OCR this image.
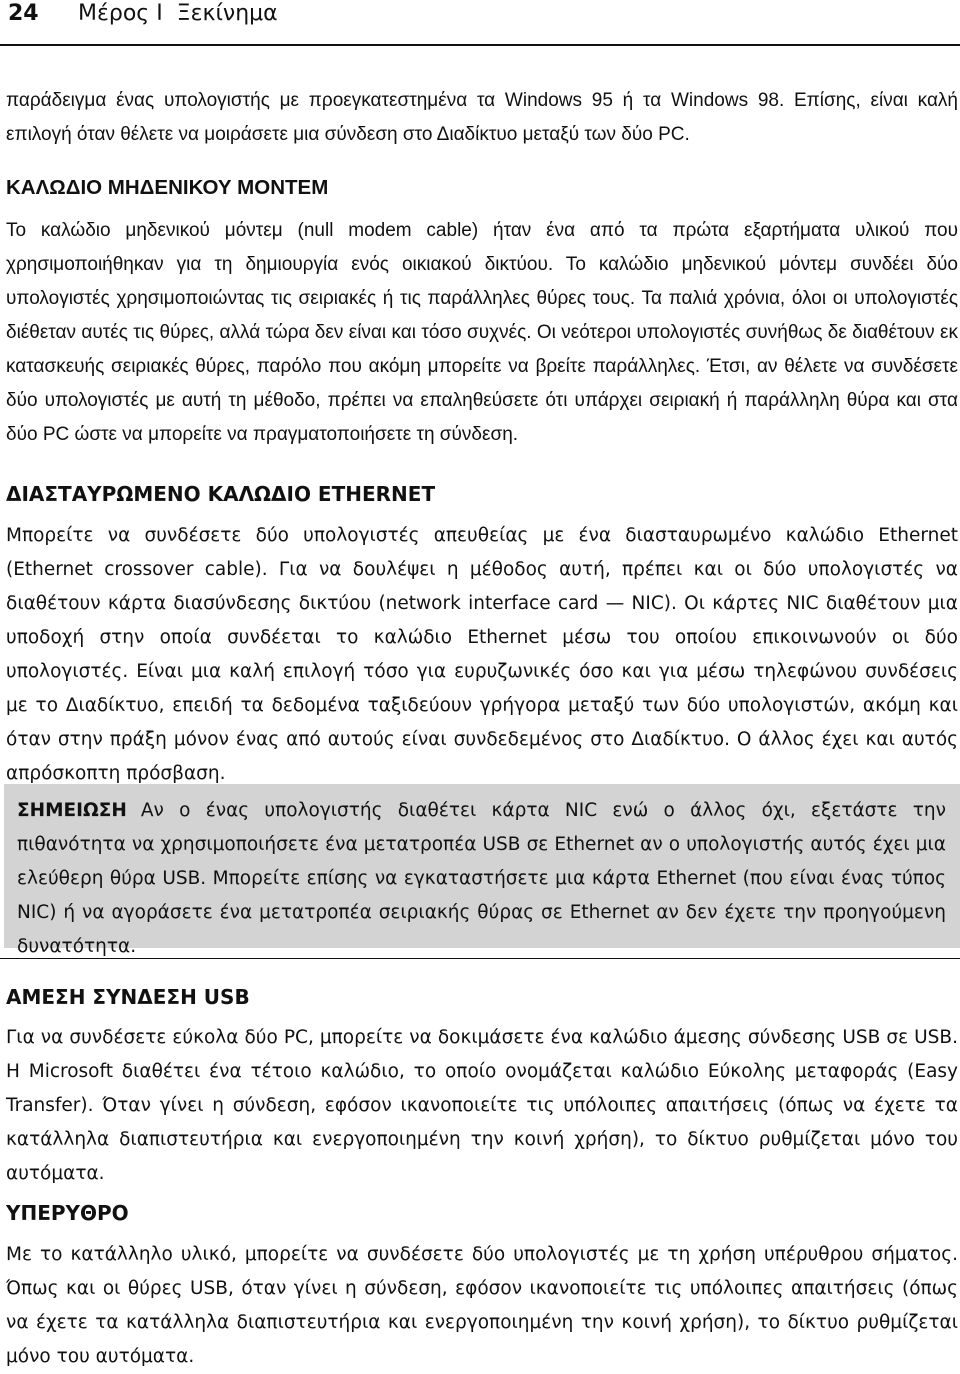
24 Μέρος Ι Ξεκίνημα

παράδειγμα ένας υπολογιστής με προεγκατεστημένα τα Windows 95 ή τα Windows 98. Επίσης, είναι καλή επιλογή όταν θέλετε να μοιράσετε μια σύνδεση στο Διαδίκτυο μεταξύ των δύο PC.

ΚΑΛΩΔΙΟ ΜΗΔΕΝΙΚΟΥ ΜΟΝΤΕΜ

Το καλώδιο μηδενικού μόντεμ (null modem cable) ήταν ένα από τα πρώτα εξαρτήματα υλικού που χρησιμοποιήθηκαν για τη δημιουργία ενός οικιακού δικτύου. Το καλώδιο μηδενικού μόντεμ συνδέει δύο υπολογιστές χρησιμοποιώντας τις σειριακές ή τις παράλληλες θύρες τους. Τα παλιά χρόνια, όλοι οι υπολογιστές διέθεταν αυτές τις θύρες, αλλά τώρα δεν είναι και τόσο συχνές. Οι νεότεροι υπολογιστές συνήθως δε διαθέτουν εκ κατασκευής σειριακές θύρες, παρόλο που ακόμη μπορείτε να βρείτε παράλληλες. Έτσι, αν θέλετε να συνδέσετε δύο υπολογιστές με αυτή τη μέθοδο, πρέπει να επαληθεύσετε ότι υπάρχει σειριακή ή παράλληλη θύρα και στα δύο PC ώστε να μπορείτε να πραγματοποιήσετε τη σύνδεση.

ΔΙΑΣΤΑΥΡΩΜΕΝΟ ΚΑΛΩΔΙΟ ETHERNET

Μπορείτε να συνδέσετε δύο υπολογιστές απευθείας με ένα διασταυρωμένο καλώδιο Ethernet (Ethernet crossover cable). Για να δουλέψει η μέθοδος αυτή, πρέπει και οι δύο υπολογιστές να διαθέτουν κάρτα διασύνδεσης δικτύου (network interface card — NIC). Οι κάρτες NIC διαθέτουν μια υποδοχή στην οποία συνδέεται το καλώδιο Ethernet μέσω του οποίου επικοινωνούν οι δύο υπολογιστές. Είναι μια καλή επιλογή τόσο για ευρυζωνικές όσο και για μέσω τηλεφώνου συνδέσεις με το Διαδίκτυο, επειδή τα δεδομένα ταξιδεύουν γρήγορα μεταξύ των δύο υπολογιστών, ακόμη και όταν στην πράξη μόνον ένας από αυτούς είναι συνδεδεμένος στο Διαδίκτυο. Ο άλλος έχει και αυτός απρόσκοπτη πρόσβαση.

ΣΗΜΕΙΩΣΗ Αν ο ένας υπολογιστής διαθέτει κάρτα NIC ενώ ο άλλος όχι, εξετάστε την πιθανότητα να χρησιμοποιήσετε ένα μετατροπέα USB σε Ethernet αν ο υπολογιστής αυτός έχει μια ελεύθερη θύρα USB. Μπορείτε επίσης να εγκαταστήσετε μια κάρτα Ethernet (που είναι ένας τύπος NIC) ή να αγοράσετε ένα μετατροπέα σειριακής θύρας σε Ethernet αν δεν έχετε την προηγούμενη δυνατότητα.

ΑΜΕΣΗ ΣΥΝΔΕΣΗ USB

Για να συνδέσετε εύκολα δύο PC, μπορείτε να δοκιμάσετε ένα καλώδιο άμεσης σύνδεσης USB σε USB. Η Microsoft διαθέτει ένα τέτοιο καλώδιο, το οποίο ονομάζεται καλώδιο Εύκολης μεταφοράς (Easy Transfer). Όταν γίνει η σύνδεση, εφόσον ικανοποιείτε τις υπόλοιπες απαιτήσεις (όπως να έχετε τα κατάλληλα διαπιστευτήρια και ενεργοποιημένη την κοινή χρήση), το δίκτυο ρυθμίζεται μόνο του αυτόματα.

ΥΠΕΡΥΘΡΟ

Με το κατάλληλο υλικό, μπορείτε να συνδέσετε δύο υπολογιστές με τη χρήση υπέρυθρου σήματος. Όπως και οι θύρες USB, όταν γίνει η σύνδεση, εφόσον ικανοποιείτε τις υπόλοιπες απαιτήσεις (όπως να έχετε τα κατάλληλα διαπιστευτήρια και ενεργοποιημένη την κοινή χρήση), το δίκτυο ρυθμίζεται μόνο του αυτόματα.
